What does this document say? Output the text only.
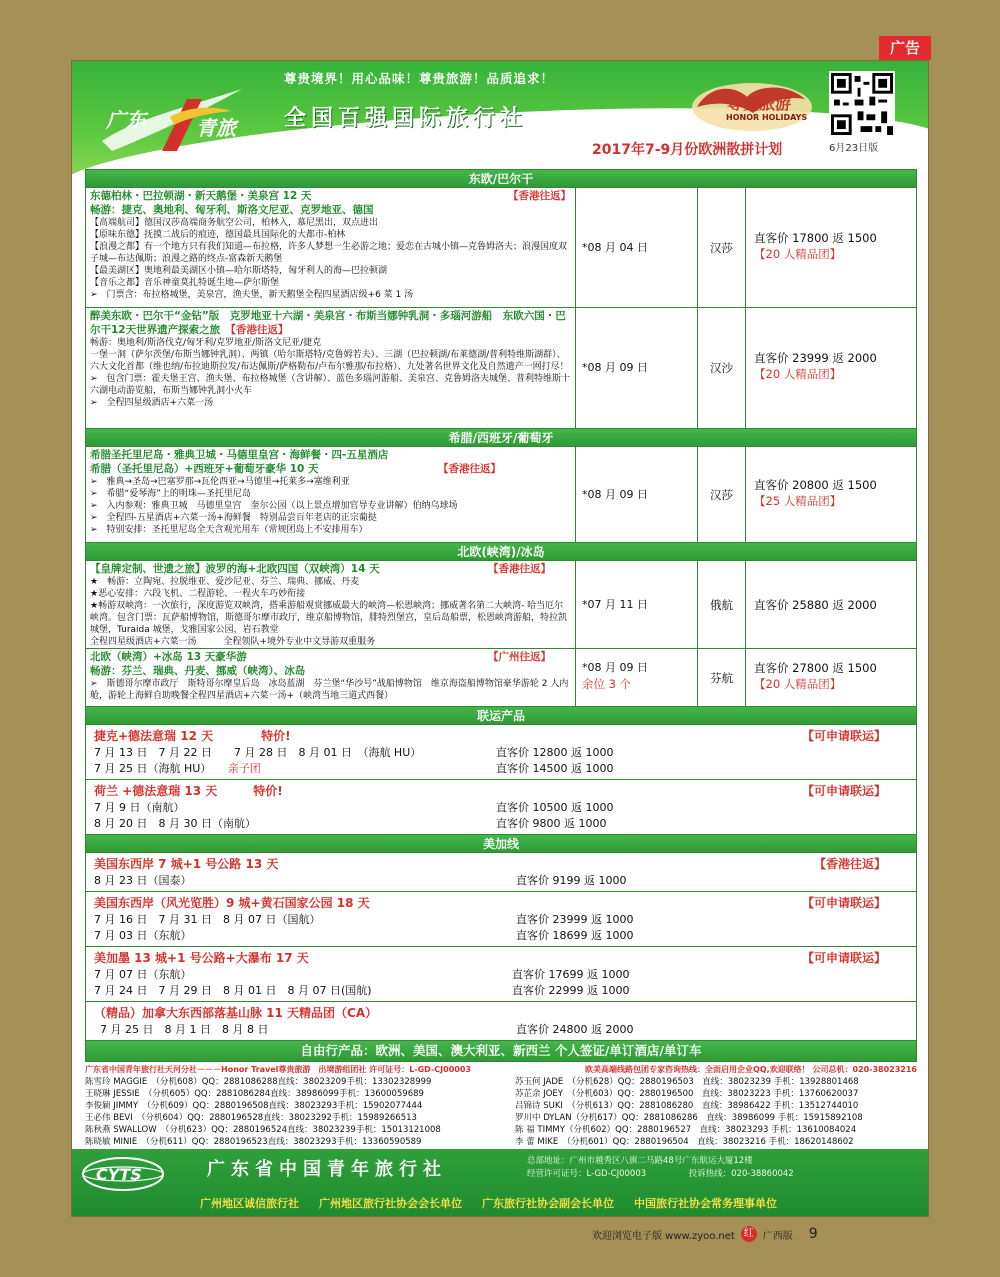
广告
广东	青旅
尊贵境界！用心品味！尊贵旅游！品质追求！
全国百强国际旅行社
尊贵旅游
HONOR HOLIDAYS
2017年7-9月份欧洲散拼计划	6月23日版
东欧/巴尔干
东德柏林・巴拉顿湖・新天鹅堡・美泉宫 12 天	【香港往返】
畅游：捷克、奥地利、匈牙利、斯洛文尼亚、克罗地亚、德国
【高端航司】德国汉莎高端商务航空公司，柏林入，慕尼黑出，双点进出
【原味东德】抚摸二战后的痕迹，德国最具国际化的大都市-柏林
【浪漫之都】有一个地方只有我们知道—布拉格，许多人梦想一生必游之地；爱恋在古城小镇—克鲁姆洛夫；浪漫国度双子城—布达佩斯；浪漫之路的终点-富森新天鹅堡
【最美湖区】奥地利最美湖区小镇—哈尔斯塔特，匈牙利人的海—巴拉顿湖
【音乐之都】音乐神童莫扎特诞生地—萨尔斯堡
➢　门票含：布拉格城堡，美泉宫，渔夫堡，新天鹅堡全程四星酒店级+6 菜 1 汤
*08 月 04 日	汉莎
直客价 17800 返 1500
【20 人精品团】
醉美东欧・巴尔干“金钻”版　克罗地亚十六湖・美泉宫・布斯当娜钟乳洞・多瑙河游船　东欧六国・巴尔干12天世界遗产探索之旅　 【香港往返】
畅游：奥地利/斯洛伐克/匈牙利/克罗地亚/斯洛文尼亚/捷克
一堡一洞（萨尔茨堡/布斯当娜钟乳洞）、两镇（哈尔斯塔特/克鲁姆若夫）、三湖（巴拉顿湖/布莱德湖/普利特维斯湖群）、六大文化首都（维也纳/布拉迪斯拉发/布达佩斯/萨格勒布/卢布尔雅那/布拉格）、九处著名世界文化及自然遗产一网打尽！
➢　包含门票：霍夫堡王宫、渔夫堡、布拉格城堡（含讲解）、蓝色多瑙河游船、美泉宫、克鲁姆洛夫城堡、普利特维斯十六湖电动游览船，布斯当娜钟乳洞小火车
➢　全程四星级酒店+六菜一汤
*08 月 09 日	汉沙
直客价 23999 返 2000
【20 人精品团】
希腊/西班牙/葡萄牙
希腊圣托里尼岛・雅典卫城・马德里皇宫・海鲜餐・四-五星酒店
希腊（圣托里尼岛）+西班牙+葡萄牙豪华 10 天	【香港往返】
➢　雅典→圣岛→巴塞罗那→瓦伦西亚→马德里→托莱多→塞维利亚
➢　希腊“爱琴海”上的明珠—圣托里尼岛
➢　入内参观：雅典卫城　马德里皇宫　奎尔公园（以上景点增加官导专业讲解）伯纳乌球场
➢　全程四-五星酒店+六菜一汤+海鲜餐　特别品尝百年老店的正宗葡挞
➢　特别安排：圣托里尼岛全天含观光用车（常规团岛上不安排用车）
*08 月 09 日	汉莎
直客价 20800 返 1500
【25 人精品团】
北欧(峡湾)/冰岛
【皇牌定制、世遗之旅】波罗的海+北欧四国（双峡湾）14 天	【香港往返】
★　畅游：立陶宛、拉脱维亚、爱沙尼亚、芬兰、瑞典、挪威、丹麦
★恶心安排：六段飞机、二程游轮、一程火车巧妙衔接
★畅游双峡湾：一次旅行，深度游览双峡湾，搭乘游船观赏挪威最大的峡湾—松恩峡湾；挪威著名第二大峡湾- 哈当厄尔峡湾。包含门票：瓦萨船博物馆，斯德哥尔摩市政厅，维京船博物馆，腓特烈堡宫，皇后岛船票，松恩峡湾游船，特拉凯城堡，Turaida 城堡，戈雅国家公园，岩石教堂
全程四星级酒店+六菜一汤　　　全程领队+境外专业中文导游双重服务
*07 月 11 日	俄航 直客价 25880 返 2000
北欧（峡湾）+冰岛 13 天豪华游	【广州往返】
畅游：芬兰、瑞典、丹麦、挪威（峡湾）、冰岛
➢　斯德哥尔摩市政厅　斯特哥尔摩皇后岛　冰岛蓝湖　芬兰堡“华沙号”战船博物馆　维京海盗船博物馆豪华游轮 2 人内舱，游轮上海鲜自助晚餐全程四星酒店+六菜一汤+（峡湾当地三道式西餐）
*08 月 09 日
余位 3 个	芬航
直客价 27800 返 1500
【20 人精品团】
联运产品
捷克+德法意瑞 12 天　　　　特价!	【可申请联运】
7 月 13 日　7 月 22 日　　7 月 28 日　8 月 01 日　（海航 HU）	直客价 12800 返 1000
7 月 25 日（海航 HU）　　亲子团	直客价 14500 返 1000
荷兰 +德法意瑞 13 天　　　特价!	【可申请联运】
7 月 9 日（南航）	直客价 10500 返 1000
8 月 20 日　8 月 30 日（南航）	直客价 9800 返 1000
美加线
美国东西岸 7 城+1 号公路 13 天	【香港往返】
8 月 23 日（国泰）	直客价 9199 返 1000
美国东西岸（风光览胜）9 城+黄石国家公园 18 天	【可申请联运】
7 月 16 日　7 月 31 日　8 月 07 日（国航）	直客价 23999 返 1000
7 月 03 日（东航）	直客价 18699 返 1000
美加墨 13 城+1 号公路+大瀑布 17 天	【可申请联运】
7 月 07 日（东航）	直客价 17699 返 1000
7 月 24 日　7 月 29 日　8 月 01 日　8 月 07 日(国航)	直客价 22999 返 1000
（精品）加拿大东西部落基山脉 11 天精品团（CA）
7 月 25 日　8 月 1 日　8 月 8 日	直客价 24800 返 2000
自由行产品：欧洲、美国、澳大利亚、新西兰 个人签证/单订酒店/单订车
广东省中国青年旅行社天河分社－－－Honor Travel尊贵旅游　出境游组团社 许可证号：L-GD-CJ00003	欧美高端线路包团专家咨询热线：全面启用企业QQ,欢迎联络！ 公司总机：020-38023216
陈雪玲 MAGGIE　（分机608）QQ：2881086288直线：38023209手机：13302328999	苏玉何 JADE　（分机628）QQ：2880196503　直线：38023239 手机：13928801468
王晓琳 JESSIE　（分机605）QQ：2881086284直线：38986099手机：13600059689	苏芷余 JOEY　（分机603）QQ：2880196500　直线：38023223 手机：13760620037
李俊颖 JIMMY　（分机609）QQ：2880196508直线：38023293手机：15902077444	吕锦诗 SUKI　（分机613）QQ：2881086280　直线：38986422 手机：13512744010
王必伟 BEVI　（分机604）QQ：2880196528直线：38023292手机：15989266513	罗川中 DYLAN（分机617）QQ：2881086286　直线：38986099 手机：15915892108
陈秋燕 SWALLOW　（分机623）QQ：2880196524直线：38023239手机：15013121008	陈 福 TIMMY（分机602）QQ：2880196527　直线：38023293 手机：13610084024
陈晓敏 MINIE　（分机611）QQ：2880196523直线：38023293手机：13360590589	李 蕾 MIKE　（分机601）QQ：2880196504　直线：38023216 手机：18620148602
CYTS	广东省中国青年旅行社	总部地址：广州市越秀区八旗二马路48号广东航运大厦12楼
经营许可证号：L-GD-CJ00003　　　　　投诉热线：020-38860042
广州地区诚信旅行社 广州地区旅行社协会会长单位 广东旅行社协会副会长单位 中国旅行社协会常务理事单位
欢迎浏览电子版 www.zyoo.net 红 广西版 9
